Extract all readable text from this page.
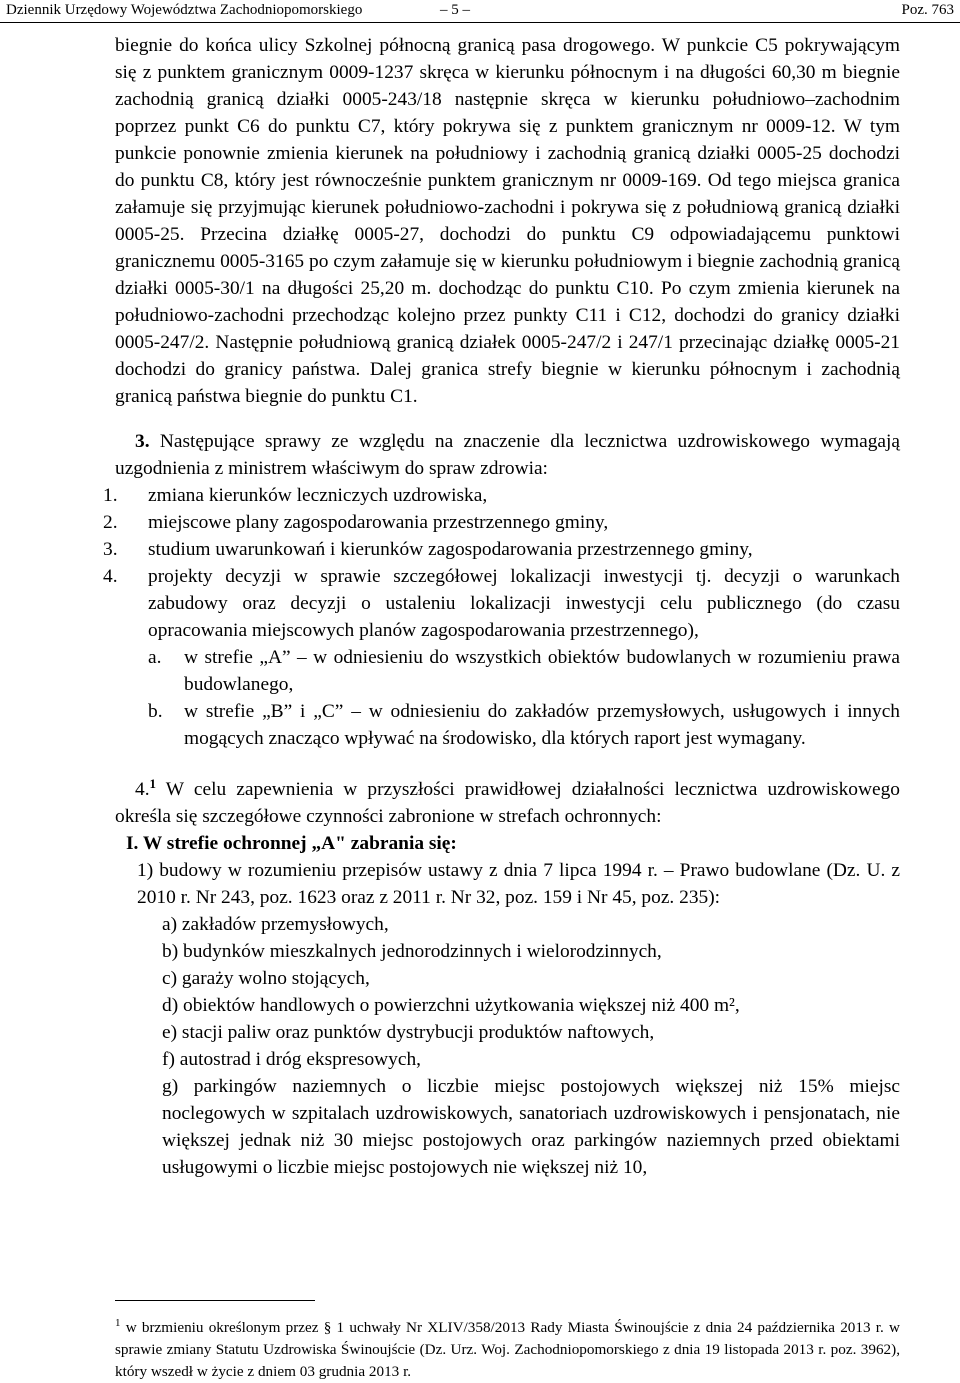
Dziennik Urzędowy Województwa Zachodniopomorskiego	– 5 –	Poz. 763

biegnie do końca ulicy Szkolnej północną granicą pasa drogowego. W punkcie C5 pokrywającym się z punktem granicznym 0009-1237 skręca w kierunku północnym i na długości 60,30 m biegnie zachodnią granicą działki 0005-243/18 następnie skręca w kierunku południowo–zachodnim poprzez punkt C6 do punktu C7, który pokrywa się z punktem granicznym nr 0009-12. W tym punkcie ponownie zmienia kierunek na południowy i zachodnią granicą działki 0005-25 dochodzi do punktu C8, który jest równocześnie punktem granicznym nr 0009-169. Od tego miejsca granica załamuje się przyjmując kierunek południowo-zachodni i pokrywa się z południową granicą działki 0005-25. Przecina działkę 0005-27, dochodzi do punktu C9 odpowiadającemu punktowi granicznemu 0005-3165 po czym załamuje się w kierunku południowym i biegnie zachodnią granicą działki 0005-30/1 na długości 25,20 m. dochodząc do punktu C10. Po czym zmienia kierunek na południowo-zachodni przechodząc kolejno przez punkty C11 i C12, dochodzi do granicy działki 0005-247/2. Następnie południową granicą działek 0005-247/2 i 247/1 przecinając działkę 0005-21 dochodzi do granicy państwa. Dalej granica strefy biegnie w kierunku północnym i zachodnią granicą państwa biegnie do punktu C1.

3. Następujące sprawy ze względu na znaczenie dla lecznictwa uzdrowiskowego wymagają uzgodnienia z ministrem właściwym do spraw zdrowia:

1. zmiana kierunków leczniczych uzdrowiska,
2. miejscowe plany zagospodarowania przestrzennego gminy,
3. studium uwarunkowań i kierunków zagospodarowania przestrzennego gminy,
4. projekty decyzji w sprawie szczegółowej lokalizacji inwestycji tj. decyzji o warunkach zabudowy oraz decyzji o ustaleniu lokalizacji inwestycji celu publicznego (do czasu opracowania miejscowych planów zagospodarowania przestrzennego),
a. w strefie „A” – w odniesieniu do wszystkich obiektów budowlanych w rozumieniu prawa budowlanego,
b. w strefie „B” i „C” – w odniesieniu do zakładów przemysłowych, usługowych i innych mogących znacząco wpływać na środowisko, dla których raport jest wymagany.

4.$^1$ W celu zapewnienia w przyszłości prawidłowej działalności lecznictwa uzdrowiskowego określa się szczegółowe czynności zabronione w strefach ochronnych:

I. W strefie ochronnej „A" zabrania się:

1) budowy w rozumieniu przepisów ustawy z dnia 7 lipca 1994 r. – Prawo budowlane (Dz. U. z 2010 r. Nr 243, poz. 1623 oraz z 2011 r. Nr 32, poz. 159 i Nr 45, poz. 235):

a) zakładów przemysłowych,
b) budynków mieszkalnych jednorodzinnych i wielorodzinnych,
c) garaży wolno stojących,
d) obiektów handlowych o powierzchni użytkowania większej niż 400 m²,
e) stacji paliw oraz punktów dystrybucji produktów naftowych,
f) autostrad i dróg ekspresowych,
g) parkingów naziemnych o liczbie miejsc postojowych większej niż 15% miejsc noclegowych w szpitalach uzdrowiskowych, sanatoriach uzdrowiskowych i pensjonatach, nie większej jednak niż 30 miejsc postojowych oraz parkingów naziemnych przed obiektami usługowymi o liczbie miejsc postojowych nie większej niż 10,
$^1$ w brzmieniu określonym przez § 1 uchwały Nr XLIV/358/2013 Rady Miasta Świnoujście z dnia 24 października 2013 r. w sprawie zmiany Statutu Uzdrowiska Świnoujście (Dz. Urz. Woj. Zachodniopomorskiego z dnia 19 listopada 2013 r. poz. 3962), który wszedł w życie z dniem 03 grudnia 2013 r.
